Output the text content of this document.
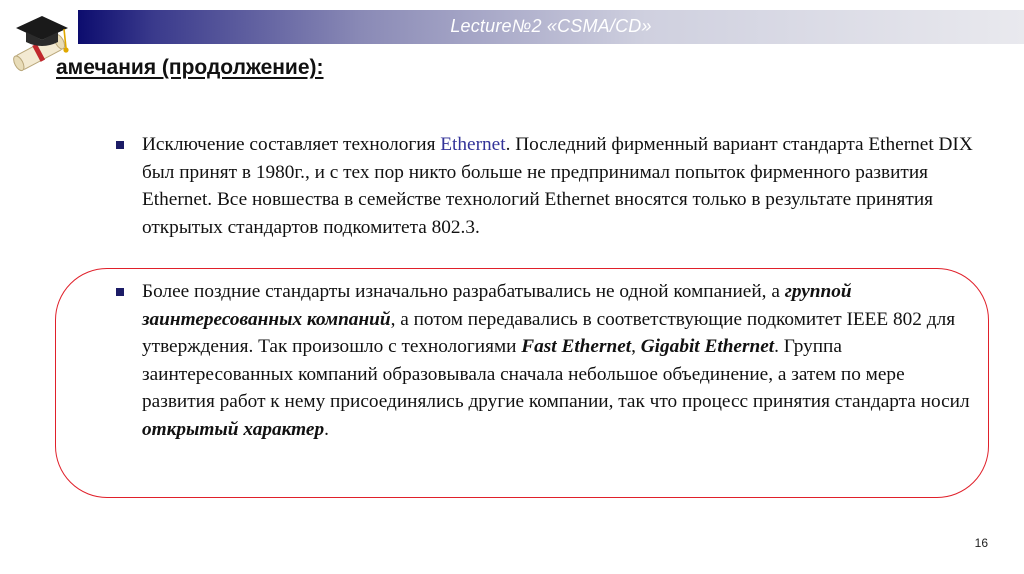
Lecture№2 «CSMA/CD»
амечания (продолжение):
Исключение составляет технология Ethernet. Последний фирменный вариант стандарта Ethernet DIX был принят в 1980г., и с тех пор никто больше не предпринимал попыток фирменного развития Ethernet. Все новшества в семействе технологий Ethernet вносятся только в результате принятия открытых стандартов подкомитета 802.3.
Более поздние стандарты изначально разрабатывались не одной компанией, а группой заинтересованных компаний, а потом передавались в соответствующие подкомитет IEEE 802 для утверждения. Так произошло с технологиями Fast Ethernet, Gigabit Ethernet. Группа заинтересованных компаний образовывала сначала небольшое объединение, а затем по мере развития работ к нему присоединялись другие компании, так что процесс принятия стандарта носил открытый характер.
16
